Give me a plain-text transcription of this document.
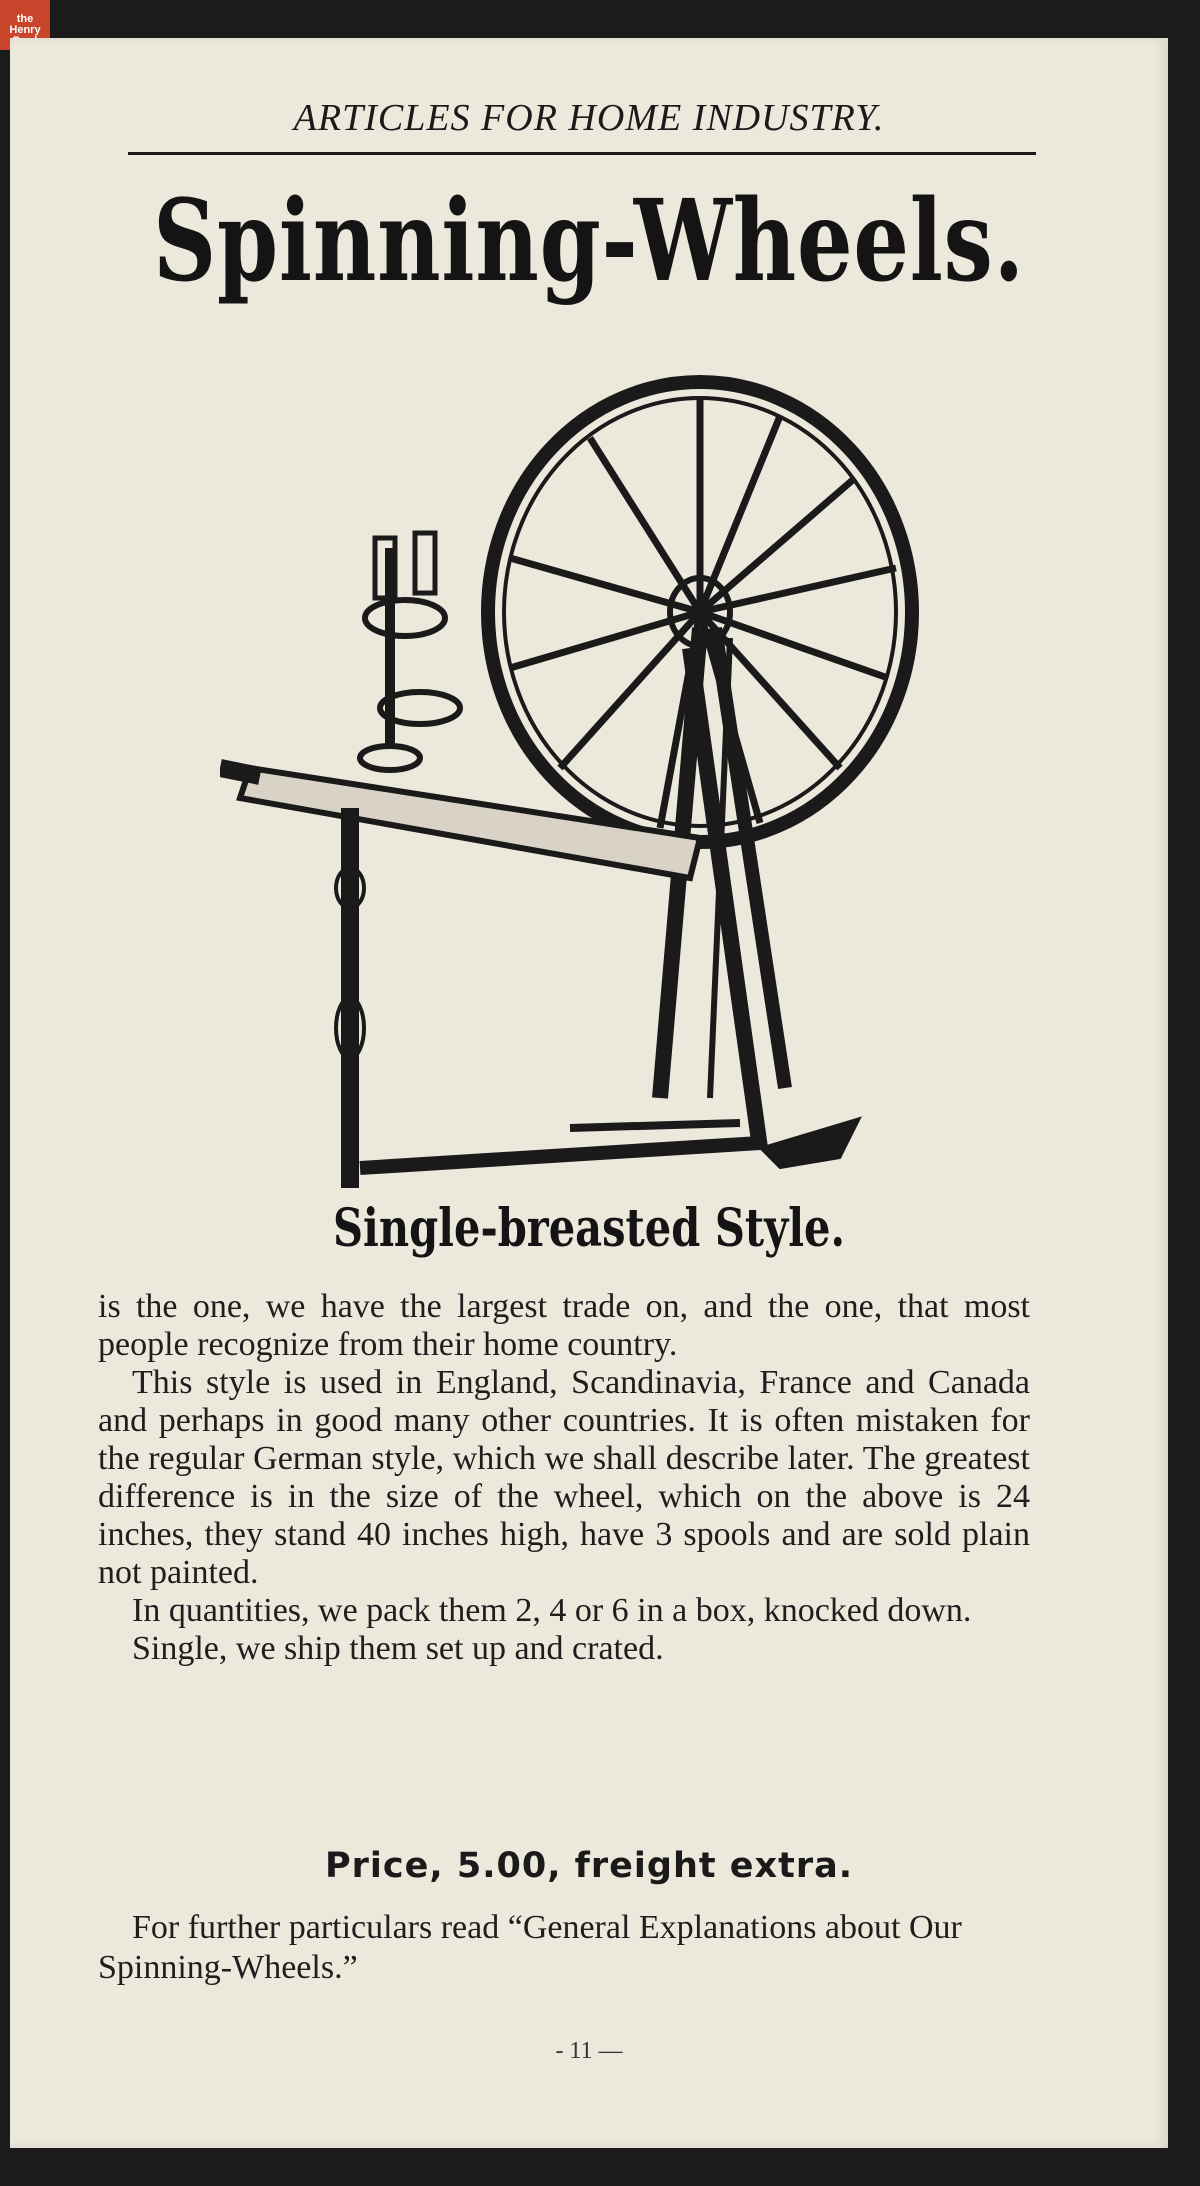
the Henry
ARTICLES FOR HOME INDUSTRY.
Spinning-Wheels.
Single-breasted Style.

is the one, we have the largest trade on, and the one, that most people recognize from their home country.

This style is used in England, Scandinavia, France and Canada and perhaps in good many other countries. It is often mistaken for the regular German style, which we shall describe later. The greatest difference is in the size of the wheel, which on the above is 24 inches, they stand 40 inches high, have 3 spools and are sold plain not painted.

In quantities, we pack them 2, 4 or 6 in a box, knocked down.

Single, we ship them set up and crated.

Price, 5.00, freight extra.
For further particulars read “General Explanations about Our Spinning-Wheels.”
- 11 —
